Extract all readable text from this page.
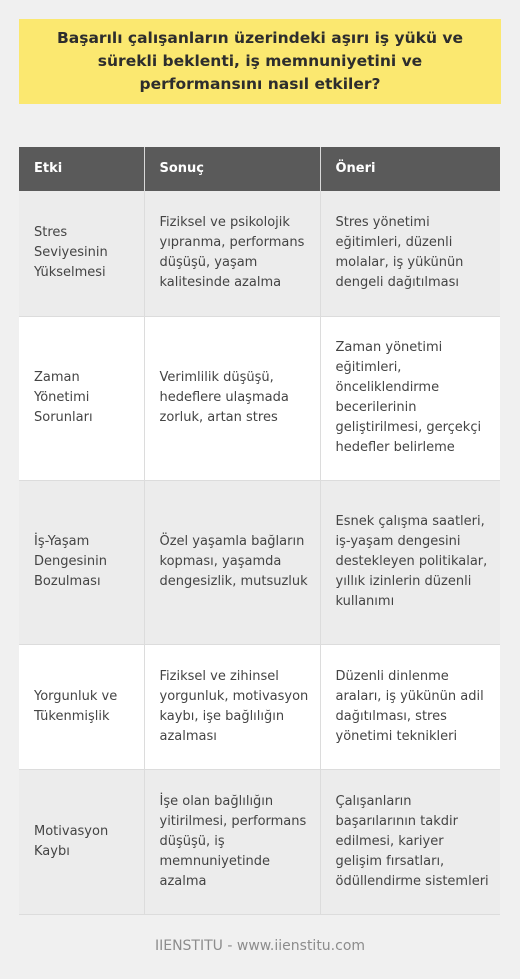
Başarılı çalışanların üzerindeki aşırı iş yükü ve sürekli beklenti, iş memnuniyetini ve performansını nasıl etkiler?
Etki	Sonuç	Öneri
Stres Seviyesinin Yükselmesi	Fiziksel ve psikolojik yıpranma, performans düşüşü, yaşam kalitesinde azalma	Stres yönetimi eğitimleri, düzenli molalar, iş yükünün dengeli dağıtılması
Zaman Yönetimi Sorunları	Verimlilik düşüşü, hedeflere ulaşmada zorluk, artan stres	Zaman yönetimi eğitimleri, önceliklendirme becerilerinin geliştirilmesi, gerçekçi hedefler belirleme
İş-Yaşam Dengesinin Bozulması	Özel yaşamla bağların kopması, yaşamda dengesizlik, mutsuzluk	Esnek çalışma saatleri, iş-yaşam dengesini destekleyen politikalar, yıllık izinlerin düzenli kullanımı
Yorgunluk ve Tükenmişlik	Fiziksel ve zihinsel yorgunluk, motivasyon kaybı, işe bağlılığın azalması	Düzenli dinlenme araları, iş yükünün adil dağıtılması, stres yönetimi teknikleri
Motivasyon Kaybı	İşe olan bağlılığın yitirilmesi, performans düşüşü, iş memnuniyetinde azalma	Çalışanların başarılarının takdir edilmesi, kariyer gelişim fırsatları, ödüllendirme sistemleri
IIENSTITU - www.iienstitu.com
